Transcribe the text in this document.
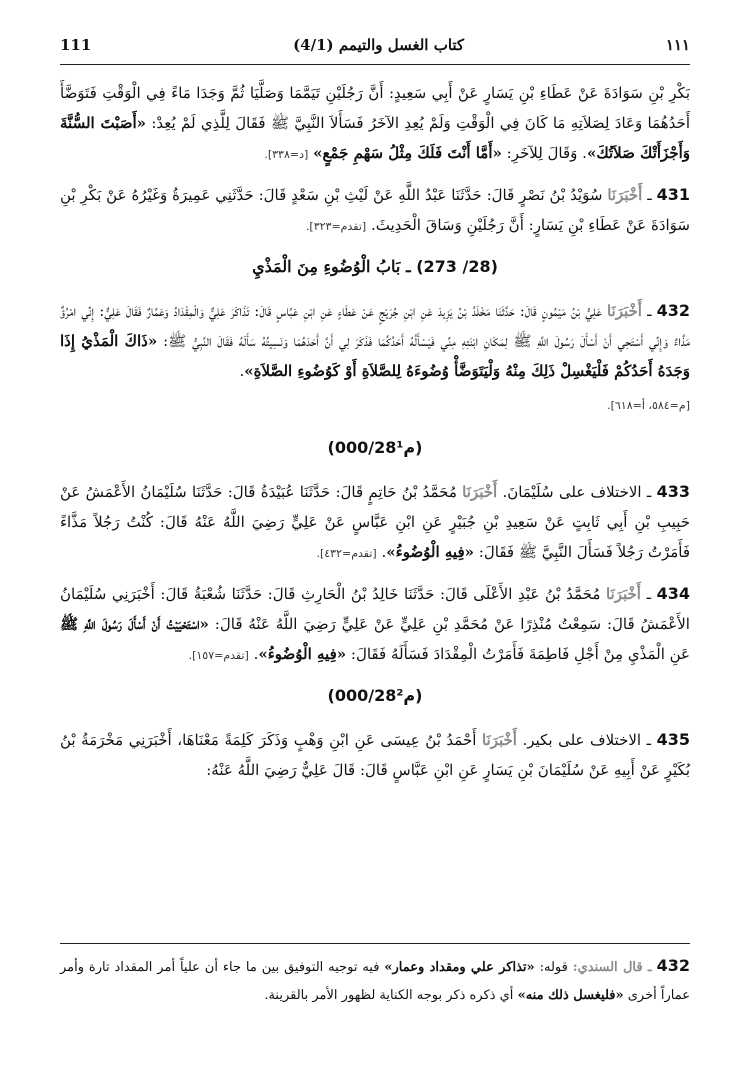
111	(4/1) كتاب الغسل والتيمم	١١١

بَكْرِ بْنِ سَوَادَةَ عَنْ عَطَاءِ بْنِ يَسَارٍ عَنْ أَبِي سَعِيدٍ: أَنَّ رَجُلَيْنِ تَيَمَّمَا وَصَلَّيَا ثُمَّ وَجَدَا مَاءً فِي الْوَقْتِ فَتَوَضَّأَ أَحَدُهُمَا وَعَادَ لِصَلاَتِهِ مَا كَانَ فِي الْوَقْتِ وَلَمْ يُعِدِ الآخَرُ فَسَأَلاَ النَّبِيَّ ﷺ فَقَالَ لِلَّذِي لَمْ يُعِدْ: «أَصَبْتَ السُّنَّةَ وَأَجْزَأَتْكَ صَلاَتُكَ». وَقَالَ لِلآخَرِ: «أَمَّا أَنْتَ فَلَكَ مِثْلُ سَهْمِ جَمْعٍ» [د=٣٣٨].

431 ـ أَخْبَرَنَا سُوَيْدُ بْنُ نَصْرٍ قَالَ: حَدَّثَنَا عَبْدُ اللَّهِ عَنْ لَيْثِ بْنِ سَعْدٍ قَالَ: حَدَّثَنِي عَمِيرَةُ وَغَيْرُهُ عَنْ بَكْرِ بْنِ سَوَادَةَ عَنْ عَطَاءِ بْنِ يَسَارٍ: أَنَّ رَجُلَيْنِ وَسَاقَ الْحَدِيثَ. [تقدم=٣٢٣].

(273 /28) ـ بَابُ الْوُضُوءِ مِنَ الْمَذْيِ

432 ـ أَخْبَرَنَا عَلِيُّ بْنُ مَيْمُونٍ قَالَ: حَدَّثَنَا مَخْلَدُ بْنُ يَزِيدَ عَنِ ابْنِ جُرَيْجٍ عَنْ عَطَاءٍ عَنِ ابْنِ عَبَّاسٍ قَالَ: تَذَاكَرَ عَلِيٌّ وَالْمِقْدَادُ وَعَمَّارٌ فَقَالَ عَلِيٌّ: إِنِّي امْرُؤٌ مَذَّاءٌ وَإِنِّي أَسْتَحِي أَنْ أَسْأَلَ رَسُولَ اللَّهِ ﷺ لِمَكَانِ ابْنَتِهِ مِنِّي فَيَسْأَلُهُ أَحَدُكُمَا فَذَكَرَ لِي أَنَّ أَحَدَهُمَا وَنَسِيتُهُ سَأَلَهُ فَقَالَ النَّبِيُّ ﷺ: «ذَاكَ الْمَذْيُ إِذَا وَجَدَهُ أَحَدُكُمْ فَلْيَغْسِلْ ذَلِكَ مِنْهُ وَلْيَتَوَضَّأْ وُضُوءَهُ لِلصَّلاَةِ أَوْ كَوُضُوءِ الصَّلاَةِ».

[م=٥٨٤، أ=٦١٨].
(000/28م¹)

433 ـ الاختلاف على سُلَيْمَانَ. أَخْبَرَنَا مُحَمَّدُ بْنُ حَاتِمٍ قَالَ: حَدَّثَنَا عُبَيْدَةُ قَالَ: حَدَّثَنَا سُلَيْمَانُ الأَعْمَشُ عَنْ حَبِيبِ بْنِ أَبِي ثَابِتٍ عَنْ سَعِيدِ بْنِ جُبَيْرٍ عَنِ ابْنِ عَبَّاسٍ عَنْ عَلِيٍّ رَضِيَ اللَّهُ عَنْهُ قَالَ: كُنْتُ رَجُلاً مَذَّاءً فَأَمَرْتُ رَجُلاً فَسَأَلَ النَّبِيَّ ﷺ فَقَالَ: «فِيهِ الْوُضُوءُ». [تقدم=٤٣٢].

434 ـ أَخْبَرَنَا مُحَمَّدُ بْنُ عَبْدِ الأَعْلَى قَالَ: حَدَّثَنَا خَالِدُ بْنُ الْحَارِثِ قَالَ: حَدَّثَنَا شُعْبَةُ قَالَ: أَخْبَرَنِي سُلَيْمَانُ الأَعْمَشُ قَالَ: سَمِعْتُ مُنْذِرًا عَنْ مُحَمَّدِ بْنِ عَلِيٍّ عَنْ عَلِيٍّ رَضِيَ اللَّهُ عَنْهُ قَالَ: «اسْتَحْيَيْتُ أَنْ أَسْأَلَ رَسُولَ اللَّهِ ﷺ عَنِ الْمَذْيِ مِنْ أَجْلِ فَاطِمَةَ فَأَمَرْتُ الْمِقْدَادَ فَسَأَلَهُ فَقَالَ: «فِيهِ الْوُضُوءُ». [تقدم=١٥٧].

(000/28م²)

435 ـ الاختلاف على بكير. أَخْبَرَنَا أَحْمَدُ بْنُ عِيسَى عَنِ ابْنِ وَهْبٍ وَذَكَرَ كَلِمَةً مَعْنَاهَا، أَخْبَرَنِي مَخْرَمَةُ بْنُ بُكَيْرٍ عَنْ أَبِيهِ عَنْ سُلَيْمَانَ بْنِ يَسَارٍ عَنِ ابْنِ عَبَّاسٍ قَالَ: قَالَ عَلِيٌّ رَضِيَ اللَّهُ عَنْهُ:

432 ـ قال السندي: قوله: «تذاكر علي ومقداد وعمار» فيه توجيه التوفيق بين ما جاء أن علياً أمر المقداد تارة وأمر عماراً أخرى «فليغسل ذلك منه» أي ذكره ذكر بوجه الكناية لظهور الأمر بالقرينة.
